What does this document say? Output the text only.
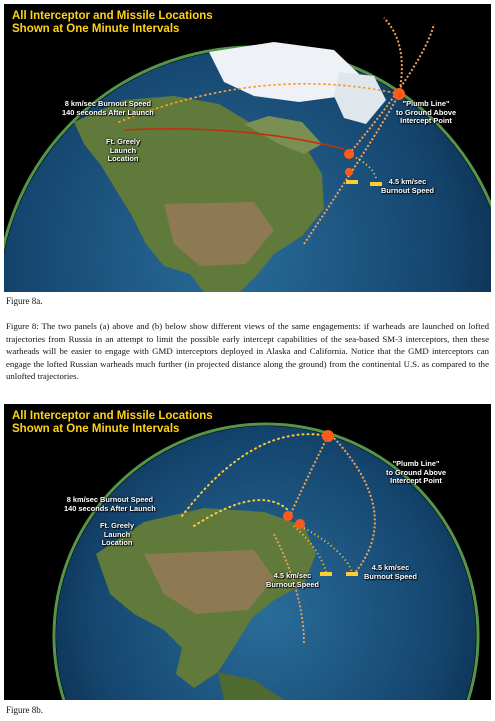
All Interceptor and Missile Locations
Shown at One Minute Intervals
8 km/sec Burnout Speed
140 seconds After Launch
Ft. Greely
Launch
Location
"Plumb Line"
to Ground Above
Intercept Point
4.5 km/sec
Burnout Speed
Figure 8a.

Figure 8: The two panels (a) above and (b) below show different views of the same engagements: if warheads are launched on lofted trajectories from Russia in an attempt to limit the possible early intercept capabilities of the sea-based SM-3 interceptors, then these warheads will be easier to engage with GMD interceptors deployed in Alaska and California. Notice that the GMD interceptors can engage the lofted Russian warheads much further (in projected distance along the ground) from the continental U.S. as compared to the unlofted trajectories.

All Interceptor and Missile Locations
Shown at One Minute Intervals
8 km/sec Burnout Speed
140 seconds After Launch
Ft. Greely
Launch
Location
"Plumb Line"
to Ground Above
Intercept Point
4.5 km/sec
Burnout Speed
4.5 km/sec
Burnout Speed
Figure 8b.
